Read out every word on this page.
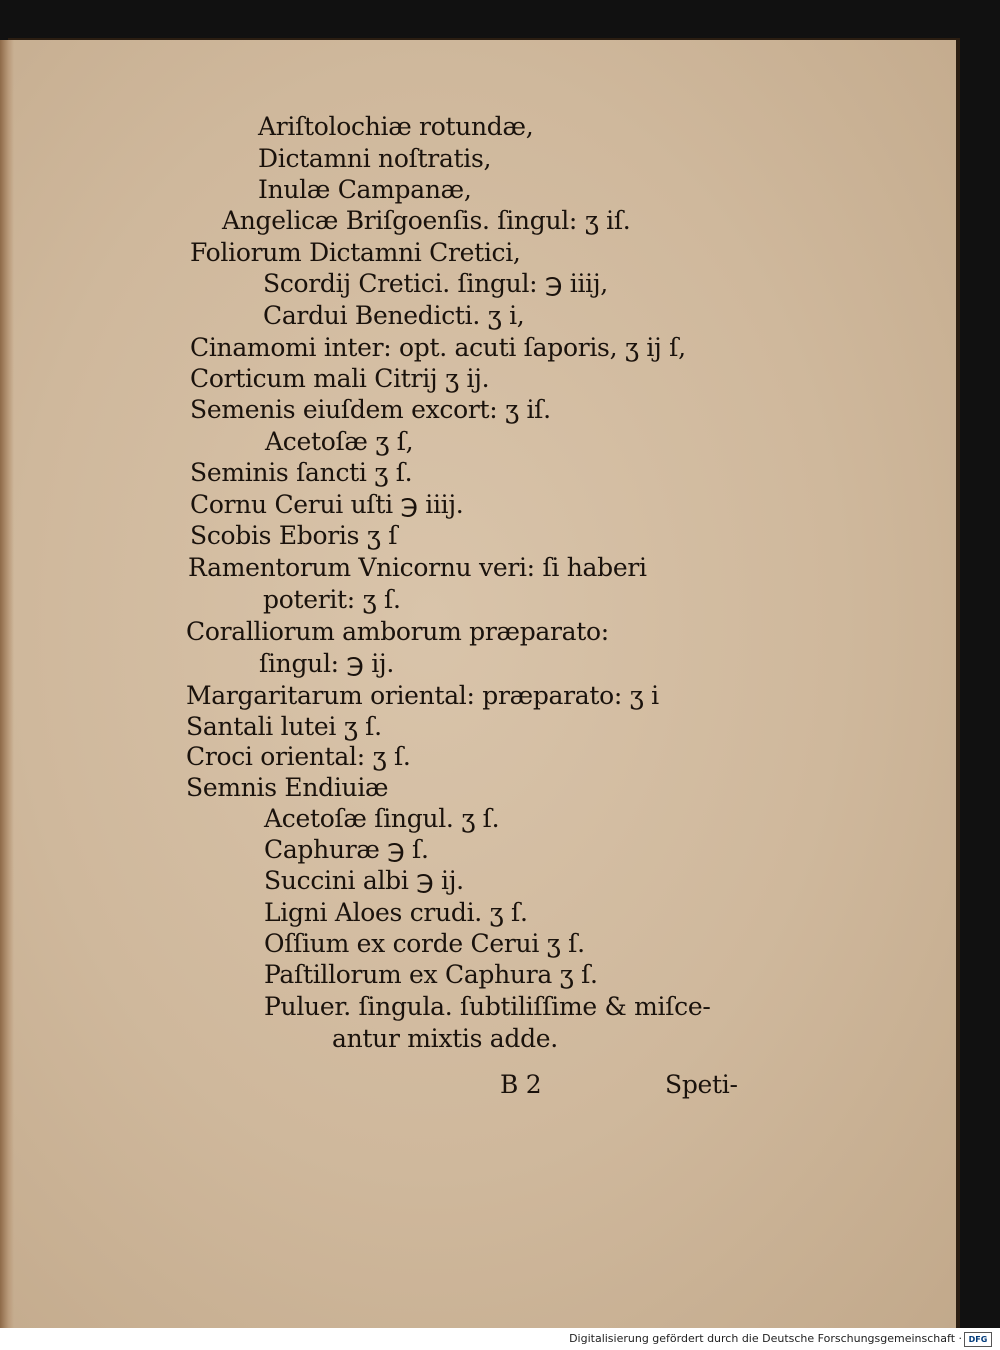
Ariſtolochiæ rotundæ,
Dictamni noſtratis,
Inulæ Campanæ,
Angelicæ Briſgoenſis. ſingul: ʒ iſ.
Foliorum Dictamni Cretici,
Scordij Cretici. ſingul: ℈ iiij,
Cardui Benedicti. ʒ i,
Cinamomi inter: opt. acuti ſaporis, ʒ ij ſ,
Corticum mali Citrij ʒ ij.
Semenis eiuſdem excort: ʒ iſ.
Acetoſæ ʒ ſ,
Seminis ſancti ʒ ſ.
Cornu Cerui uſti ℈ iiij.
Scobis Eboris ʒ ſ
Ramentorum Vnicornu veri: ſi haberi
poterit: ʒ ſ.
Coralliorum amborum præparato:
ſingul: ℈ ij.
Margaritarum oriental: præparato: ʒ i
Santali lutei ʒ ſ.
Croci oriental: ʒ ſ.
Semnis Endiuiæ
Acetoſæ ſingul. ʒ ſ.
Caphuræ ℈ ſ.
Succini albi ℈ ij.
Ligni Aloes crudi. ʒ ſ.
Oſſium ex corde Cerui ʒ ſ.
Paſtillorum ex Caphura ʒ ſ.
Puluer. ſingula. ſubtiliſſime & miſce-
antur mixtis adde.
B 2	Speti-
Digitalisierung gefördert durch die Deutsche Forschungsgemeinschaft · DFG
